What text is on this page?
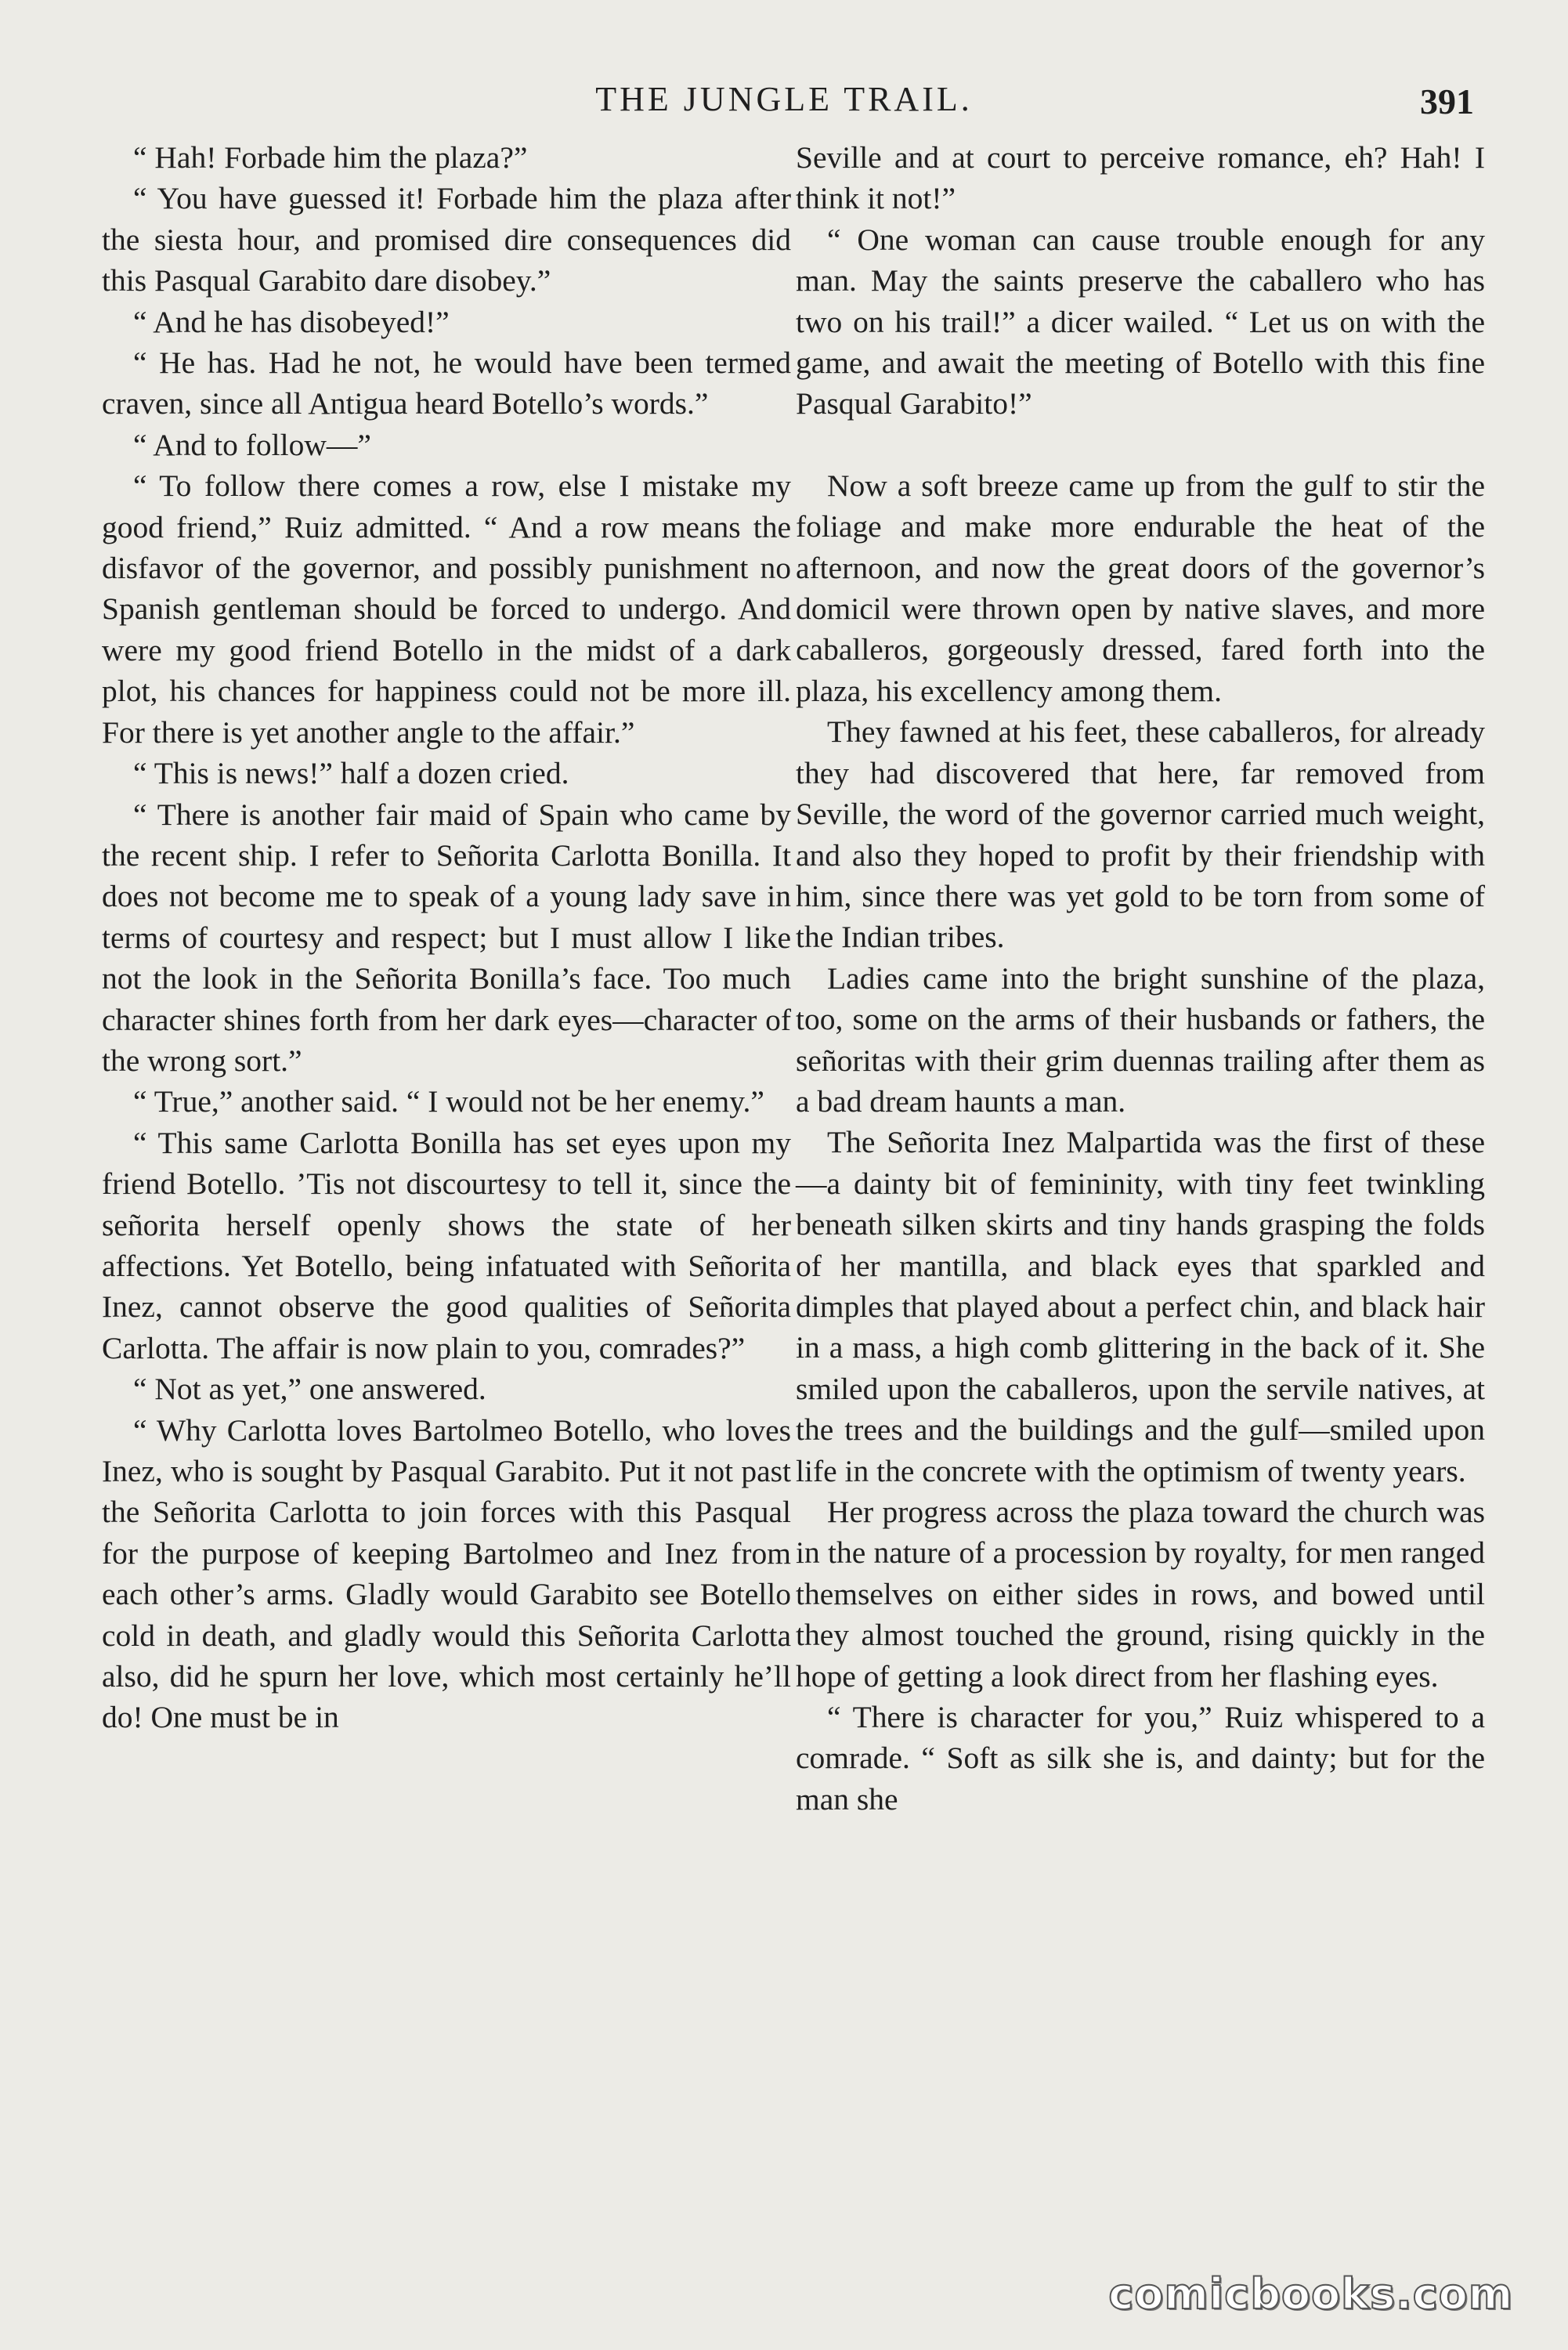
THE JUNGLE TRAIL.	391

“ Hah! Forbade him the plaza?”

“ You have guessed it! Forbade him the plaza after the siesta hour, and promised dire consequences did this Pasqual Garabito dare disobey.”

“ And he has disobeyed!”

“ He has. Had he not, he would have been termed craven, since all Antigua heard Botello’s words.”

“ And to follow—”

“ To follow there comes a row, else I mistake my good friend,” Ruiz admitted. “ And a row means the disfavor of the governor, and possibly punishment no Spanish gentleman should be forced to undergo. And were my good friend Botello in the midst of a dark plot, his chances for happiness could not be more ill. For there is yet another angle to the affair.”

“ This is news!” half a dozen cried.

“ There is another fair maid of Spain who came by the recent ship. I refer to Señorita Carlotta Bonilla. It does not become me to speak of a young lady save in terms of courtesy and respect; but I must allow I like not the look in the Señorita Bonilla’s face. Too much character shines forth from her dark eyes—character of the wrong sort.”

“ True,” another said. “ I would not be her enemy.”

“ This same Carlotta Bonilla has set eyes upon my friend Botello. ’Tis not discourtesy to tell it, since the señorita herself openly shows the state of her affections. Yet Botello, being infatuated with Señorita Inez, cannot observe the good qualities of Señorita Carlotta. The affair is now plain to you, comrades?”

“ Not as yet,” one answered.

“ Why Carlotta loves Bartolmeo Botello, who loves Inez, who is sought by Pasqual Garabito. Put it not past the Señorita Carlotta to join forces with this Pasqual for the purpose of keeping Bartolmeo and Inez from each other’s arms. Gladly would Garabito see Botello cold in death, and gladly would this Señorita Carlotta also, did he spurn her love, which most certainly he’ll do! One must be in

Seville and at court to perceive romance, eh? Hah! I think it not!”

“ One woman can cause trouble enough for any man. May the saints preserve the caballero who has two on his trail!” a dicer wailed. “ Let us on with the game, and await the meeting of Botello with this fine Pasqual Garabito!”

Now a soft breeze came up from the gulf to stir the foliage and make more endurable the heat of the afternoon, and now the great doors of the governor’s domicil were thrown open by native slaves, and more caballeros, gorgeously dressed, fared forth into the plaza, his excellency among them.

They fawned at his feet, these caballeros, for already they had discovered that here, far removed from Seville, the word of the governor carried much weight, and also they hoped to profit by their friendship with him, since there was yet gold to be torn from some of the Indian tribes.

Ladies came into the bright sunshine of the plaza, too, some on the arms of their husbands or fathers, the señoritas with their grim duennas trailing after them as a bad dream haunts a man.

The Señorita Inez Malpartida was the first of these—a dainty bit of femininity, with tiny feet twinkling beneath silken skirts and tiny hands grasping the folds of her mantilla, and black eyes that sparkled and dimples that played about a perfect chin, and black hair in a mass, a high comb glittering in the back of it. She smiled upon the caballeros, upon the servile natives, at the trees and the buildings and the gulf—smiled upon life in the concrete with the optimism of twenty years.

Her progress across the plaza toward the church was in the nature of a procession by royalty, for men ranged themselves on either sides in rows, and bowed until they almost touched the ground, rising quickly in the hope of getting a look direct from her flashing eyes.

“ There is character for you,” Ruiz whispered to a comrade. “ Soft as silk she is, and dainty; but for the man she

comicbooks.com
